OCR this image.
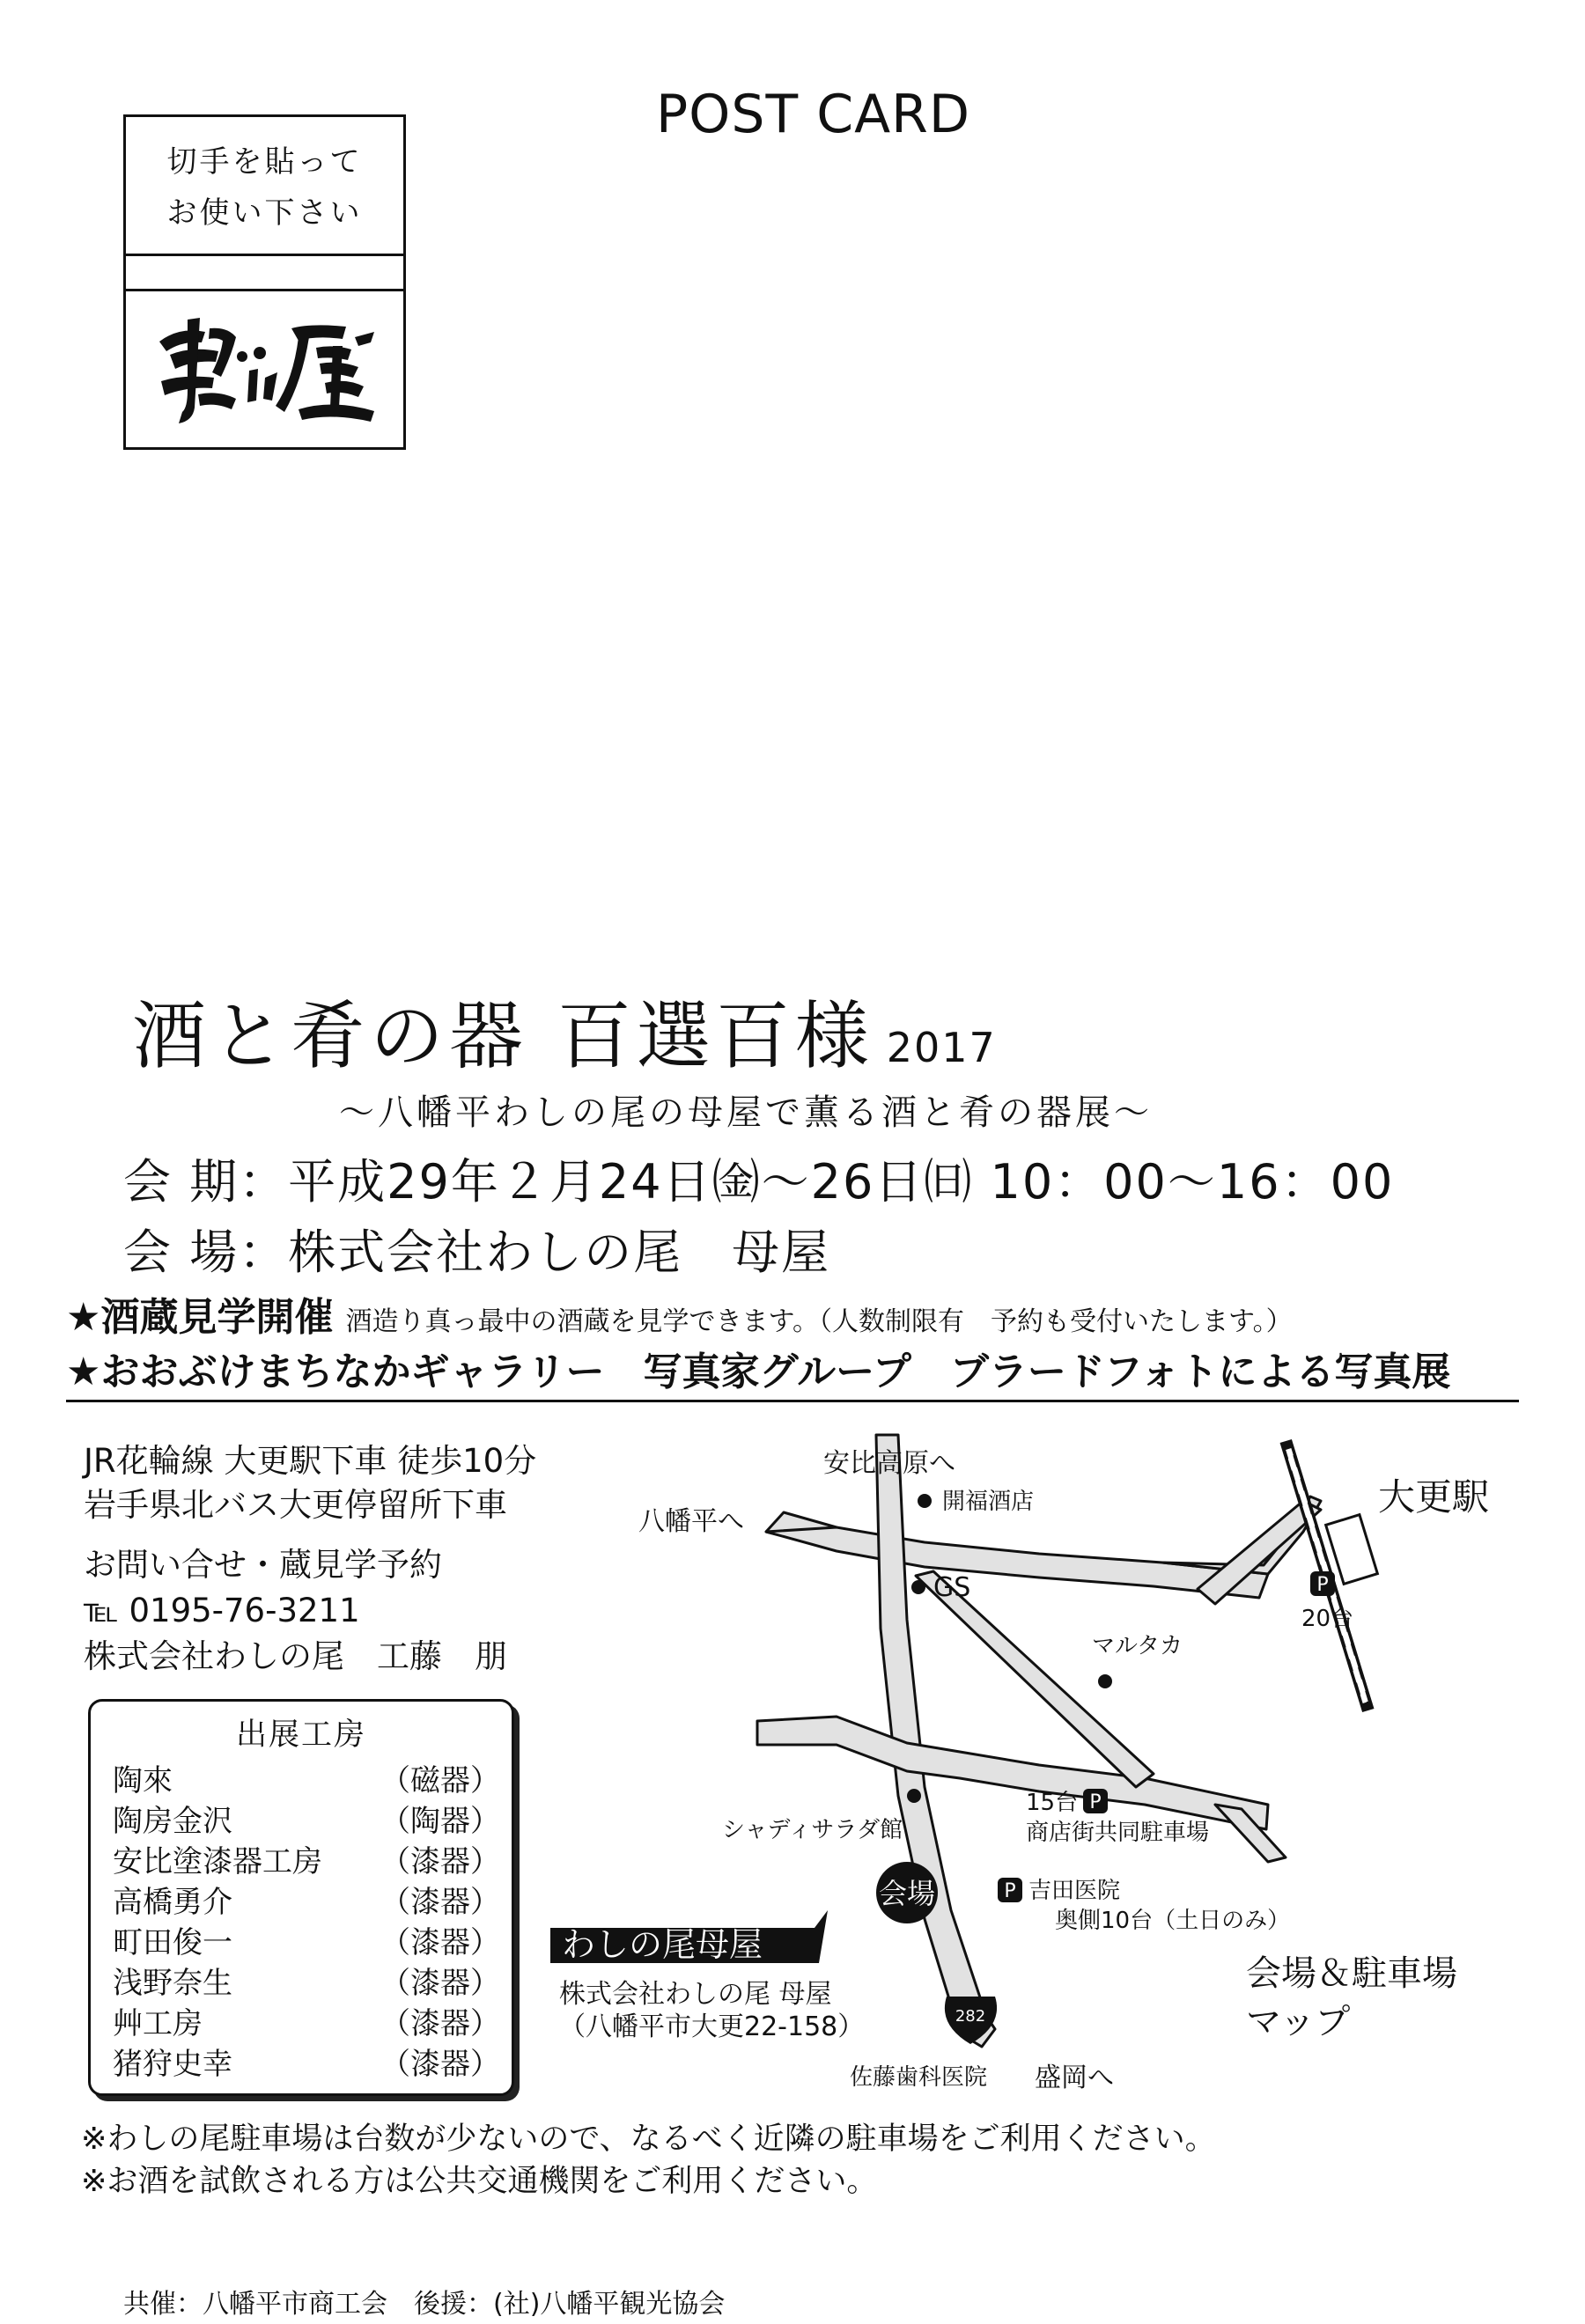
POST CARD
切手を貼って
お使い下さい
酒と肴の器 百選百様 2017
〜八幡平わしの尾の母屋で薫る酒と肴の器展〜
会 期：平成29年２月24日㈮〜26日㈰ 10：00〜16：00
会 場：株式会社わしの尾　母屋
★酒蔵見学開催 酒造り真っ最中の酒蔵を見学できます。（人数制限有　予約も受付いたします。）
★おおぶけまちなかギャラリー　写真家グループ　ブラードフォトによる写真展
JR花輪線 大更駅下車 徒歩10分
岩手県北バス大更停留所下車
お問い合せ・蔵見学予約
℡ 0195-76-3211
株式会社わしの尾　工藤　朋
出展工房
陶來	（磁器）
陶房金沢	（陶器）
安比塗漆器工房 （漆器）
高橋勇介	（漆器）
町田俊一	（漆器）
浅野奈生	（漆器）
艸工房	（漆器）
猪狩史幸	（漆器）
P
P
P
会場
わしの尾母屋
282
安比高原へ
八幡平へ
大更駅
開福酒店
GS
20台
マルタカ
15台
商店街共同駐車場
シャディサラダ館
吉田医院
奥側10台（土日のみ）
株式会社わしの尾 母屋
（八幡平市大更22-158）
佐藤歯科医院 盛岡へ
会場＆駐車場
マップ
※わしの尾駐車場は台数が少ないので、なるべく近隣の駐車場をご利用ください。
※お酒を試飲される方は公共交通機関をご利用ください。
共催：八幡平市商工会　後援：(社)八幡平観光協会
